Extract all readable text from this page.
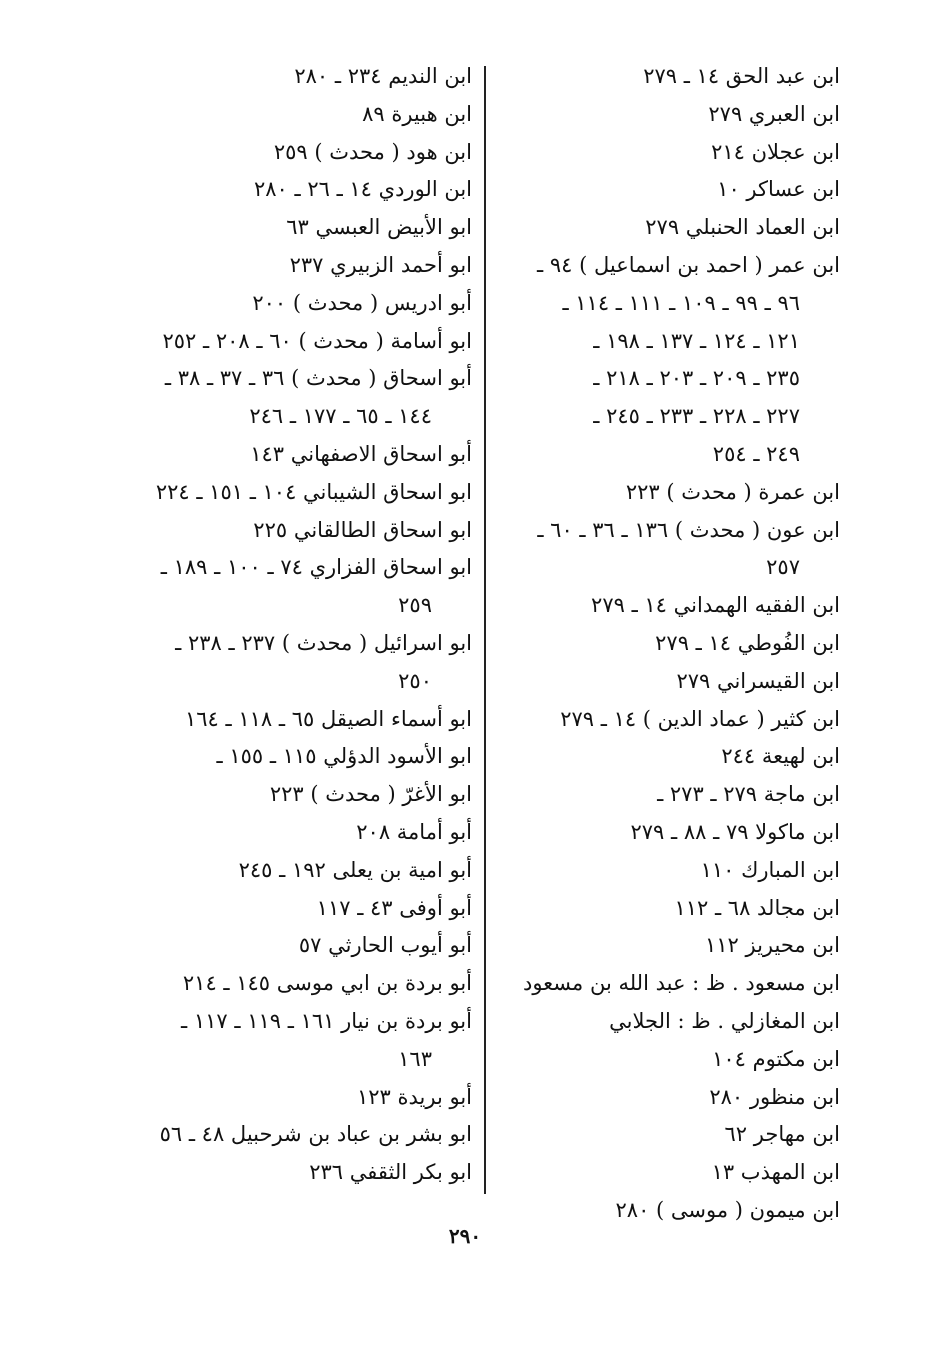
ابن عبد الحق ١٤ ـ ٢٧٩
ابن العبري ٢٧٩
ابن عجلان ٢١٤
ابن عساكر ١٠
ابن العماد الحنبلي ٢٧٩
ابن عمر ( احمد بن اسماعيل ) ٩٤ ـ
٩٦ ـ ٩٩ ـ ١٠٩ ـ ١١١ ـ ١١٤ ـ
١٢١ ـ ١٢٤ ـ ١٣٧ ـ ١٩٨ ـ
٢٣٥ ـ ٢٠٩ ـ ٢٠٣ ـ ٢١٨ ـ
٢٢٧ ـ ٢٢٨ ـ ٢٣٣ ـ ٢٤٥ ـ
٢٤٩ ـ ٢٥٤
ابن عمرة ( محدث ) ٢٢٣
ابن عون ( محدث ) ١٣٦ ـ ٣٦ ـ ٦٠ ـ
٢٥٧
ابن الفقيه الهمداني ١٤ ـ ٢٧٩
ابن الفُوطي ١٤ ـ ٢٧٩
ابن القيسراني ٢٧٩
ابن كثير ( عماد الدين ) ١٤ ـ ٢٧٩
ابن لهيعة ٢٤٤
ابن ماجة ٢٧٩ ـ ٢٧٣ ـ
ابن ماكولا ٧٩ ـ ٨٨ ـ ٢٧٩
ابن المبارك ١١٠
ابن مجالد ٦٨ ـ ١١٢
ابن محيريز ١١٢
ابن مسعود . ظ : عبد الله بن مسعود
ابن المغازلي . ظ : الجلابي
ابن مكتوم ١٠٤
ابن منظور ٢٨٠
ابن مهاجر ٦٢
ابن المهذب ١٣
ابن ميمون ( موسى ) ٢٨٠
ابن النديم ٢٣٤ ـ ٢٨٠
ابن هبيرة ٨٩
ابن هود ( محدث ) ٢٥٩
ابن الوردي ١٤ ـ ٢٦ ـ ٢٨٠
ابو الأبيض العبسي ٦٣
ابو أحمد الزبيري ٢٣٧
أبو ادريس ( محدث ) ٢٠٠
ابو أسامة ( محدث ) ٦٠ ـ ٢٠٨ ـ ٢٥٢
أبو اسحاق ( محدث ) ٣٦ ـ ٣٧ ـ ٣٨ ـ
١٤٤ ـ ٦٥ ـ ١٧٧ ـ ٢٤٦
أبو اسحاق الاصفهاني ١٤٣
ابو اسحاق الشيباني ١٠٤ ـ ١٥١ ـ ٢٢٤
ابو اسحاق الطالقاني ٢٢٥
ابو اسحاق الفزاري ٧٤ ـ ١٠٠ ـ ١٨٩ ـ
٢٥٩
ابو اسرائيل ( محدث ) ٢٣٧ ـ ٢٣٨ ـ
٢٥٠
ابو أسماء الصيقل ٦٥ ـ ١١٨ ـ ١٦٤
ابو الأسود الدؤلي ١١٥ ـ ١٥٥ ـ
ابو الأغرّ ( محدث ) ٢٢٣
أبو أمامة ٢٠٨
أبو امية بن يعلى ١٩٢ ـ ٢٤٥
أبو أوفى ٤٣ ـ ١١٧
أبو أيوب الحارثي ٥٧
أبو بردة بن ابي موسى ١٤٥ ـ ٢١٤
أبو بردة بن نيار ١٦١ ـ ١١٩ ـ ١١٧ ـ
١٦٣
أبو بريدة ١٢٣
ابو بشر بن عباد بن شرحبيل ٤٨ ـ ٥٦
ابو بكر الثقفي ٢٣٦
٢٩٠
